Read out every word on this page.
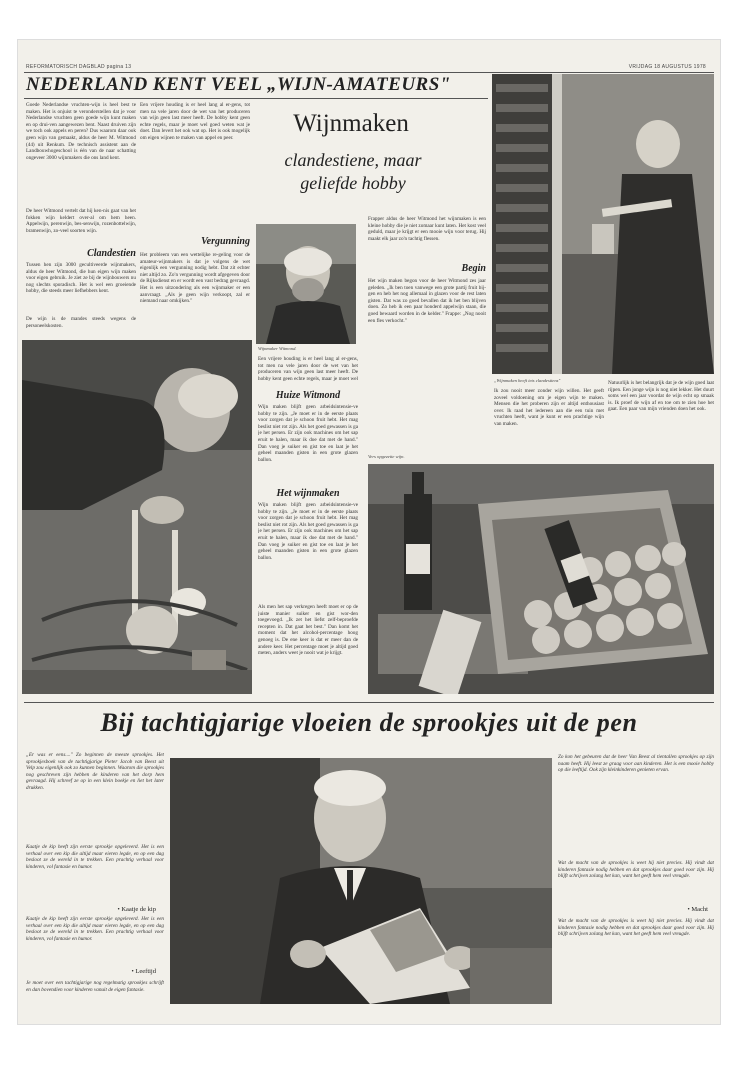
REFORMATORISCH DAGBLAD pagina 13	VRIJDAG 18 AUGUSTUS 1978
NEDERLAND KENT VEEL „WIJN-AMATEURS"
Goede Nederlandse vruchten-wijn is heel best te maken. Het is onjuist te veronderstellen dat je voor Nederlandse vruchten geen goede wijn kunt maken en op drui-ven aangewezen bent. Naast druiven zijn we toch ook appels en peren? Dus waarom daar ook geen wijn van gemaakt, aldus de heer M. Witmond (44) uit Renkum. De technisch assistent aan de Landbouwhogeschool is één van de naar schatting ongeveer 3000 wijnmakers die ons land kent.
De heer Witmond vertelt dat hij ken-nis gaat van het fokken wijn keldert over-al om hem heen. Appelwijn, perenwijn, bes-senwijn, rozenbottelwijn, bramenwijn, zo-veel soorten wijn.
Clandestien
Tussen hen zijn 3000 gecultiveerde wijnmakers, aldus de heer Witmond, die hun eigen wijn maken voor eigen gebruik. Je ziet ze bij de wijnbouwers nu nog slechts sporadisch. Het is wel een groeiende hobby, die steeds meer liefhebbers kent.
De wijn is de mandes steeds wegens de personeelskosten.
Een vrijere houding is er heel lang al er-gens, tot men na vele jaren door de wet van het produceren van wijn geen last meer heeft. De hobby kent geen echte regels, maar je moet wel goed weten wat je doet. Dan levert het ook wat op. Het is ook mogelijk om eigen wijnen te maken van appel en peer.
Vergunning
Het probleem van een wettelijke re-geling voor de amateur-wijnmakers is dat je volgens de wet eigenlijk een vergunning nodig hebt. Dat zit echter niet altijd zo. Zo'n vergunning wordt afgegeven door de Rijksdienst en er wordt een vast bedrag gevraagd. Het is een uitzondering als een wijnmaker er een aanvraagt. „Als je geen wijn verkoopt, zal er niemand naar omkijken."
Wijnmaken
clandestiene, maar
geliefde hobby
Wijnmaker Witmond.
Een vrijere houding is er heel lang al er-gens, tot men na vele jaren door de wet van het produceren van wijn geen last meer heeft. De hobby kent geen echte regels, maar je moet wel
Huize Witmond
Wijn maken blijft geen arbeidsintensie-ve hobby te zijn. „Je moet er in de eerste plaats voor zorgen dat je schoon fruit hebt. Het mag beslist niet rot zijn. Als het goed gewassen is ga je het persen. Er zijn ook machines om het sap eruit te halen, maar ik doe dat met de hand." Dan voeg je suiker en gist toe en laat je het geheel maanden gisten in een grote glazen ballon.
Het wijnmaken
Wijn maken blijft geen arbeidsintensie-ve hobby te zijn. „Je moet er in de eerste plaats voor zorgen dat je schoon fruit hebt. Het mag beslist niet rot zijn. Als het goed gewassen is ga je het persen. Er zijn ook machines om het sap eruit te halen, maar ik doe dat met de hand." Dan voeg je suiker en gist toe en laat je het geheel maanden gisten in een grote glazen ballon.
Als men het sap verkregen heeft moet er op de juiste manier suiker en gist wor-den toegevoegd. „Ik zet het liefst zelf-beproefde recepten in. Dat gaat het best." Dan komt het moment dat het alcohol-percentage hoog genoeg is. De ene keer is dat er meer dan de andere keer. Het percentage moet je altijd goed meten, anders weet je nooit wat je krijgt.
Frapper aldus de heer Witmond het wijnmaken is een kleine hobby die je niet zomaar kunt laten. Het kost veel geduld, maar je krijgt er een mooie wijn voor terug. Hij maakt elk jaar zo'n tachtig flessen.
Begin
Het wijn maken begon voor de heer Witmond zes jaar geleden. „Ik ben toen vanwege een grote partij fruit bij-gen en heb het nog allemaal in glazen voor de rest laten gisten. Dat was zo goed bevallen dat ik het ben blijven doen. Zo heb ik een paar honderd appelwijn staan, die goed bewaard worden in de kelder." Frappe: „Nog nooit een fles verkocht."
Vers opgezette wijn.
„Wijnmaken heeft iets clandestiens"
Ik zou nooit meer zonder wijn willen. Het geeft zoveel voldoening om je eigen wijn te maken. Mensen die het proberen zijn er altijd enthousiast over. Ik raad het iedereen aan die een tuin met vruchten heeft, want je kunt er een prachtige wijn van maken.
Natuurlijk is het belangrijk dat je de wijn goed laat rijpen. Een jonge wijn is nog niet lekker. Het duurt soms wel een jaar voordat de wijn echt op smaak is. Ik proef de wijn af en toe om te zien hoe het gaat. Een paar van mijn vrienden doen het ook.
Bij tachtigjarige vloeien de sprookjes uit de pen
„Er was er eens...." Zo beginnen de meeste sprookjes. Het sprookjesboek van de tachtigjarige Pieter Jacob van Beest uit Velp zou eigenlijk ook zo kunnen beginnen. Waarom die sprookjes nog geschreven zijn hebben de kinderen van het dorp hem gevraagd. Hij schreef ze op in een klein boekje en liet het later drukken.
Kaatje de kip heeft zijn eerste sprookje opgeleverd. Het is een verhaal over een kip die altijd maar eieren legde, en op een dag besloot ze de wereld in te trekken. Een prachtig verhaal voor kinderen, vol fantasie en humor.
• Kaatje de kip
Kaatje de kip heeft zijn eerste sprookje opgeleverd. Het is een verhaal over een kip die altijd maar eieren legde, en op een dag besloot ze de wereld in te trekken. Een prachtig verhaal voor kinderen, vol fantasie en humor.
• Leeftijd
Je moet over een tachtigjarige nog regelmatig sprookjes schrijft en dan bovendien voor kinderen vanuit de eigen fantasie.
Zo kon het gebeuren dat de heer Van Beest al tientallen sprookjes op zijn naam heeft. Hij leest ze graag voor aan kinderen. Het is een mooie hobby op die leeftijd. Ook zijn kleinkinderen genieten ervan.
Wat de macht van de sprookjes is weet hij niet precies. Hij vindt dat kinderen fantasie nodig hebben en dat sprookjes daar goed voor zijn. Hij blijft schrijven zolang het kan, want het geeft hem veel vreugde.
• Macht
Wat de macht van de sprookjes is weet hij niet precies. Hij vindt dat kinderen fantasie nodig hebben en dat sprookjes daar goed voor zijn. Hij blijft schrijven zolang het kan, want het geeft hem veel vreugde.
